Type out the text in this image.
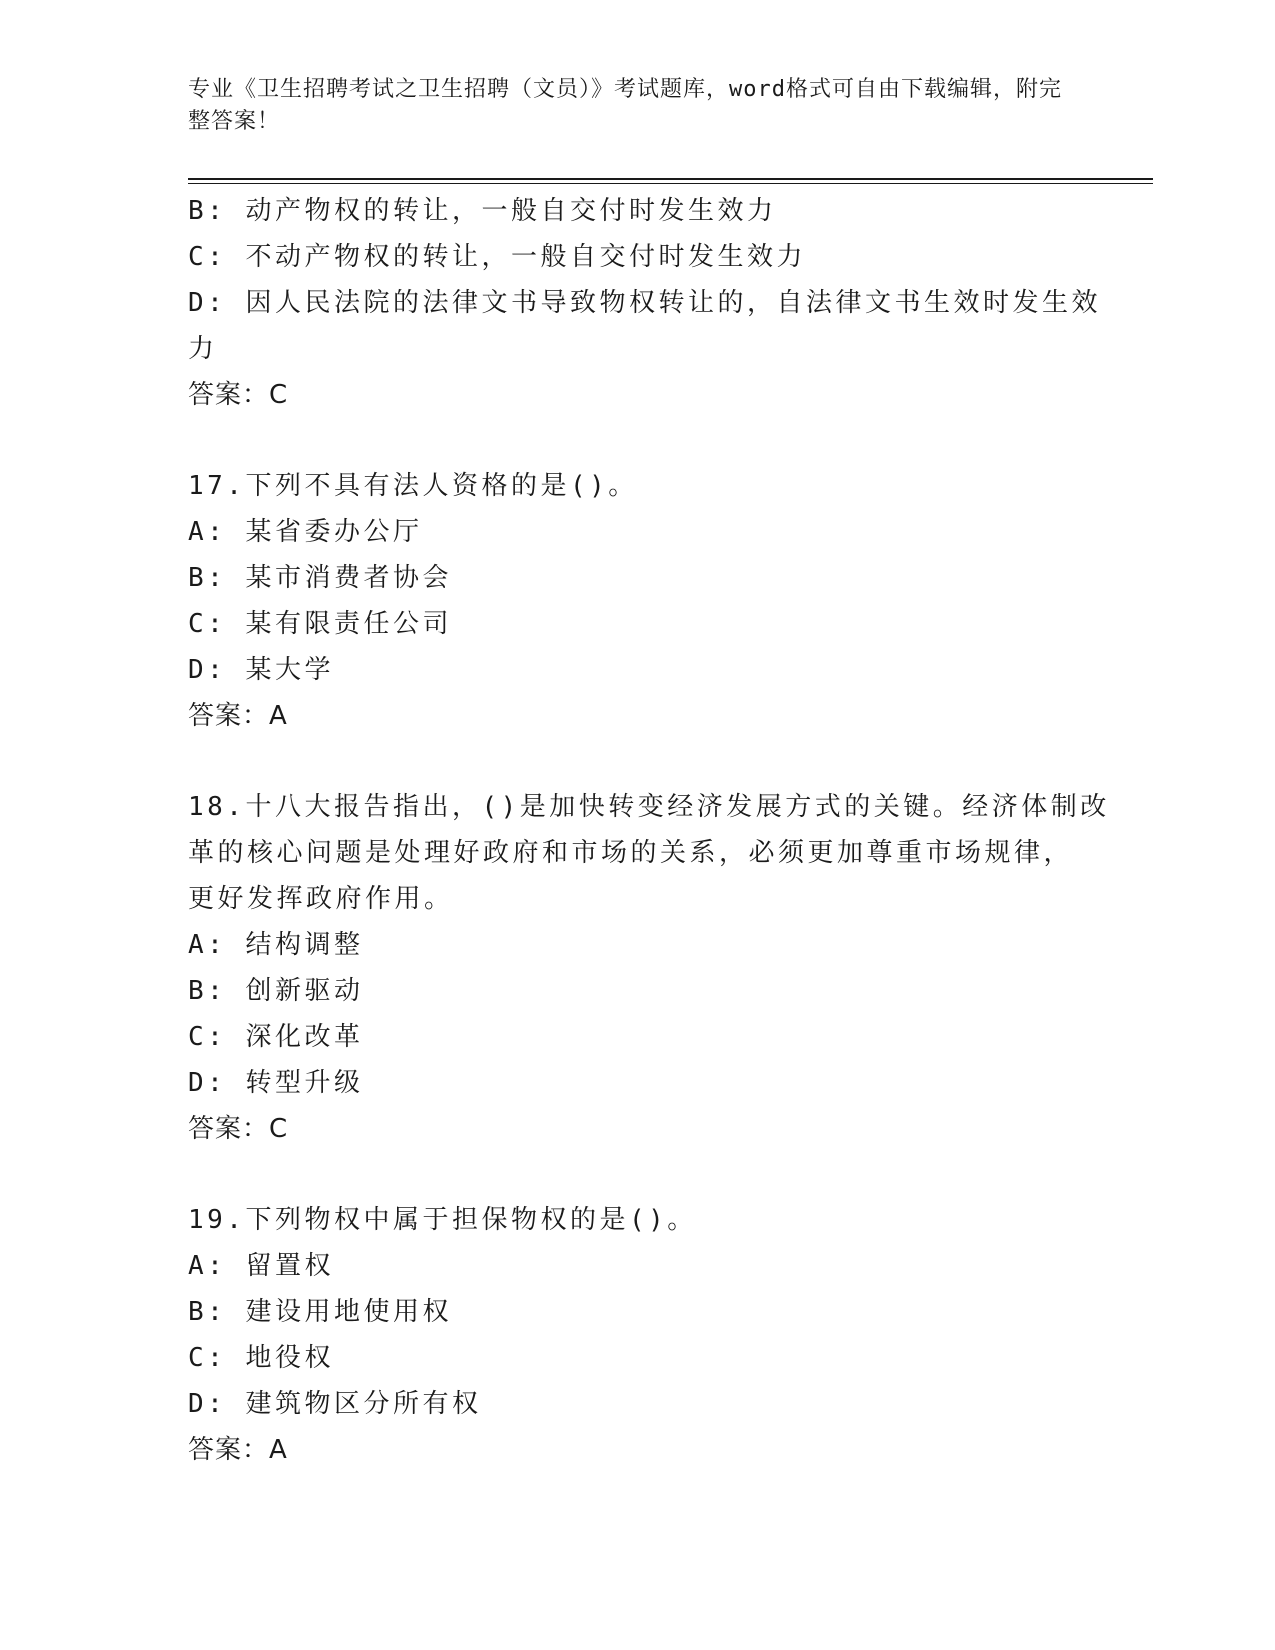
专业《卫生招聘考试之卫生招聘（文员）》考试题库，word格式可自由下载编辑，附完整答案！
B: 动产物权的转让，一般自交付时发生效力
C: 不动产物权的转让，一般自交付时发生效力
D: 因人民法院的法律文书导致物权转让的，自法律文书生效时发生效
力
答案：C
17.下列不具有法人资格的是()。
A: 某省委办公厅
B: 某市消费者协会
C: 某有限责任公司
D: 某大学
答案：A
18.十八大报告指出，()是加快转变经济发展方式的关键。经济体制改
革的核心问题是处理好政府和市场的关系，必须更加尊重市场规律，
更好发挥政府作用。
A: 结构调整
B: 创新驱动
C: 深化改革
D: 转型升级
答案：C
19.下列物权中属于担保物权的是()。
A: 留置权
B: 建设用地使用权
C: 地役权
D: 建筑物区分所有权
答案：A
